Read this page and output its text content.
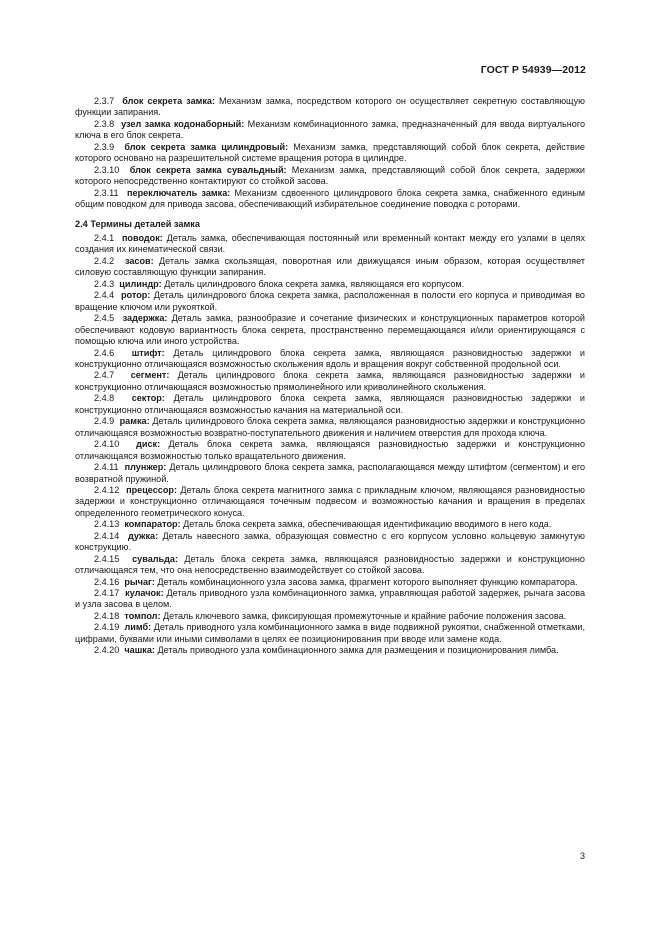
ГОСТ Р 54939—2012

2.3.7 блок секрета замка: Механизм замка, посредством которого он осуществляет секретную составляющую функции запирания.

2.3.8 узел замка кодонаборный: Механизм комбинационного замка, предназначенный для ввода виртуального ключа в его блок секрета.

2.3.9 блок секрета замка цилиндровый: Механизм замка, представляющий собой блок секрета, действие которого основано на разрешительной системе вращения ротора в цилиндре.

2.3.10 блок секрета замка сувальдный: Механизм замка, представляющий собой блок секрета, задержки которого непосредственно контактируют со стойкой засова.

2.3.11 переключатель замка: Механизм сдвоенного цилиндрового блока секрета замка, снабженного единым общим поводком для привода засова, обеспечивающий избирательное соединение поводка с роторами.

2.4 Термины деталей замка

2.4.1 поводок: Деталь замка, обеспечивающая постоянный или временный контакт между его узлами в целях создания их кинематической связи.

2.4.2 засов: Деталь замка скользящая, поворотная или движущаяся иным образом, которая осуществляет силовую составляющую функции запирания.

2.4.3 цилиндр: Деталь цилиндрового блока секрета замка, являющаяся его корпусом.

2.4.4 ротор: Деталь цилиндрового блока секрета замка, расположенная в полости его корпуса и приводимая во вращение ключом или рукояткой.

2.4.5 задержка: Деталь замка, разнообразие и сочетание физических и конструкционных параметров которой обеспечивают кодовую вариантность блока секрета, пространственно перемещающаяся и/или ориентирующаяся с помощью ключа или иного устройства.

2.4.6 штифт: Деталь цилиндрового блока секрета замка, являющаяся разновидностью задержки и конструкционно отличающаяся возможностью скольжения вдоль и вращения вокруг собственной продольной оси.

2.4.7 сегмент: Деталь цилиндрового блока секрета замка, являющаяся разновидностью задержки и конструкционно отличающаяся возможностью прямолинейного или криволинейного скольжения.

2.4.8 сектор: Деталь цилиндрового блока секрета замка, являющаяся разновидностью задержки и конструкционно отличающаяся возможностью качания на материальной оси.

2.4.9 рамка: Деталь цилиндрового блока секрета замка, являющаяся разновидностью задержки и конструкционно отличающаяся возможностью возвратно-поступательного движения и наличием отверстия для прохода ключа.

2.4.10 диск: Деталь блока секрета замка, являющаяся разновидностью задержки и конструкционно отличающаяся возможностью только вращательного движения.

2.4.11 плунжер: Деталь цилиндрового блока секрета замка, располагающаяся между штифтом (сегментом) и его возвратной пружиной.

2.4.12 прецессор: Деталь блока секрета магнитного замка с прикладным ключом, являющаяся разновидностью задержки и конструкционно отличающаяся точечным подвесом и возможностью качания и вращения в пределах определенного геометрического конуса.

2.4.13 компаратор: Деталь блока секрета замка, обеспечивающая идентификацию вводимого в него кода.

2.4.14 дужка: Деталь навесного замка, образующая совместно с его корпусом условно кольцевую замкнутую конструкцию.

2.4.15 сувальда: Деталь блока секрета замка, являющаяся разновидностью задержки и конструкционно отличающаяся тем, что она непосредственно взаимодействует со стойкой засова.

2.4.16 рычаг: Деталь комбинационного узла засова замка, фрагмент которого выполняет функцию компаратора.

2.4.17 кулачок: Деталь приводного узла комбинационного замка, управляющая работой задержек, рычага засова и узла засова в целом.

2.4.18 томпол: Деталь ключевого замка, фиксирующая промежуточные и крайние рабочие положения засова.

2.4.19 лимб: Деталь приводного узла комбинационного замка в виде подвижной рукоятки, снабженной отметками, цифрами, буквами или иными символами в целях ее позиционирования при вводе или замене кода.

2.4.20 чашка: Деталь приводного узла комбинационного замка для размещения и позиционирования лимба.

3
